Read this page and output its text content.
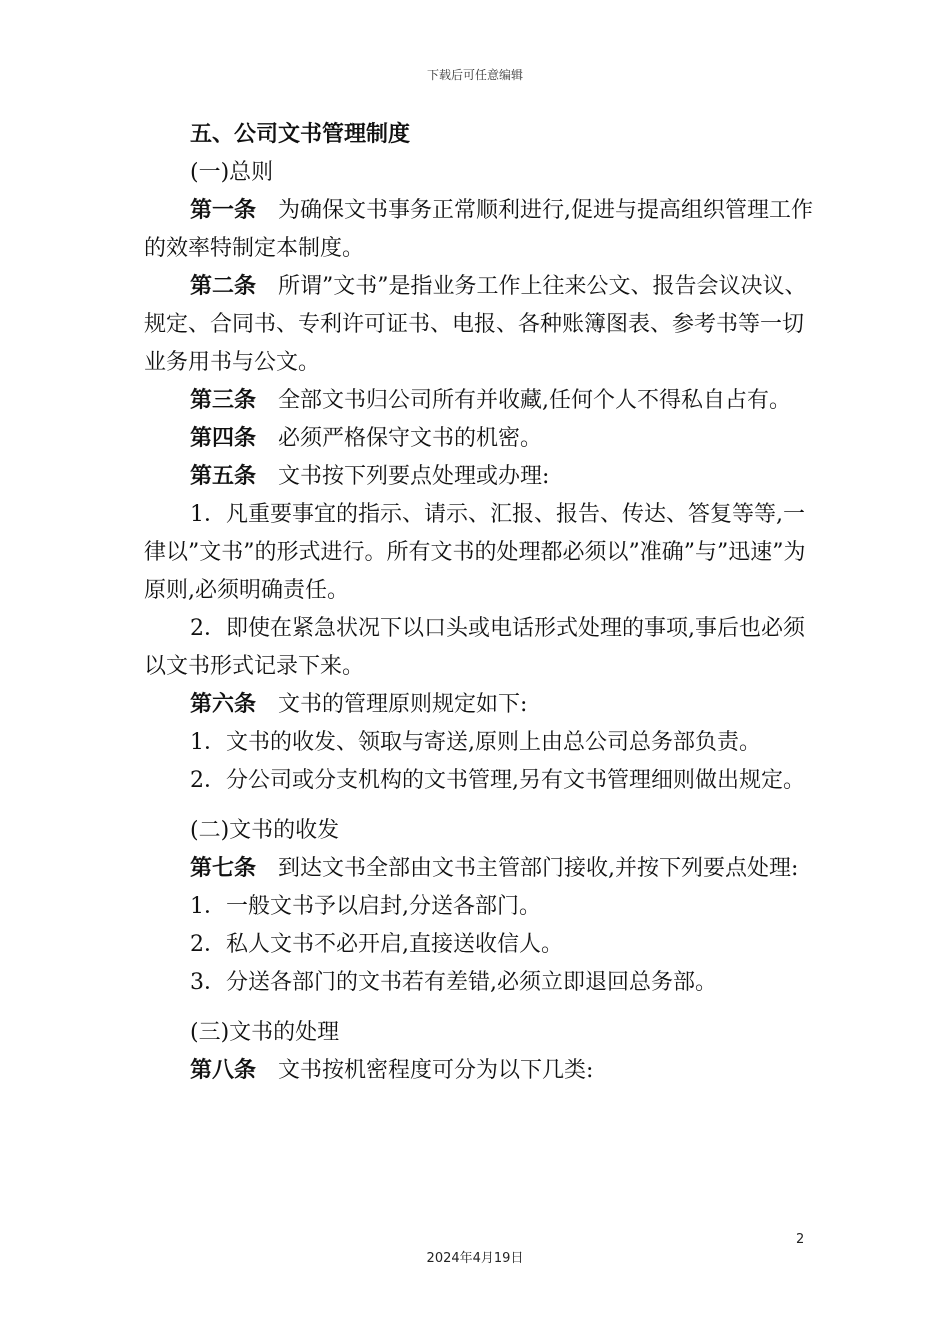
下载后可任意编辑

五、公司文书管理制度

(一)总则

第一条 为确保文书事务正常顺利进行,促进与提高组织管理工作的效率特制定本制度。

第二条 所谓”文书”是指业务工作上往来公文、报告会议决议、规定、合同书、专利许可证书、电报、各种账簿图表、参考书等一切业务用书与公文。

第三条 全部文书归公司所有并收藏,任何个人不得私自占有。

第四条 必须严格保守文书的机密。

第五条 文书按下列要点处理或办理:

1．凡重要事宜的指示、请示、汇报、报告、传达、答复等等,一律以”文书”的形式进行。所有文书的处理都必须以”准确”与”迅速”为原则,必须明确责任。

2．即使在紧急状况下以口头或电话形式处理的事项,事后也必须以文书形式记录下来。

第六条 文书的管理原则规定如下:

1．文书的收发、领取与寄送,原则上由总公司总务部负责。

2．分公司或分支机构的文书管理,另有文书管理细则做出规定。

(二)文书的收发

第七条 到达文书全部由文书主管部门接收,并按下列要点处理:

1．一般文书予以启封,分送各部门。

2．私人文书不必开启,直接送收信人。

3．分送各部门的文书若有差错,必须立即退回总务部。

(三)文书的处理

第八条 文书按机密程度可分为以下几类:

2
2024年4月19日
